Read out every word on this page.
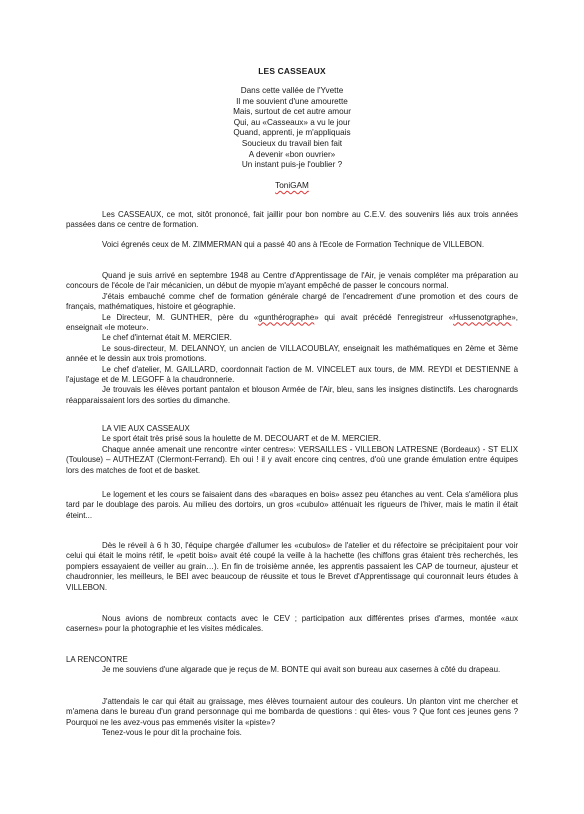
LES CASSEAUX
Dans cette vallée de l'Yvette
Il me souvient d'une amourette
Mais, surtout de cet autre amour
Qui, au «Casseaux» a vu le jour
Quand, apprenti, je m'appliquais
Soucieux du travail bien fait
A devenir «bon ouvrier»
Un instant puis-je l'oublier ?
ToniGAM

Les CASSEAUX, ce mot, sitôt prononcé, fait jaillir pour bon nombre au C.E.V. des souvenirs liés aux trois années passées dans ce centre de formation.

Voici égrenés ceux de M. ZIMMERMAN qui a passé 40 ans à l'Ecole de Formation Technique de VILLEBON.

Quand je suis arrivé en septembre 1948 au Centre d'Apprentissage de l'Air, je venais compléter ma préparation au concours de l'école de l'air mécanicien, un début de myopie m'ayant empêché de passer le concours normal.

J'étais embauché comme chef de formation générale chargé de l'encadrement d'une promotion et des cours de français, mathématiques, histoire et géographie.

Le Directeur, M. GUNTHER, père du «gunthérographe» qui avait précédé l'enregistreur «Hussenotgraphe», enseignait «le moteur».

Le chef d'internat était M. MERCIER.

Le sous-directeur, M. DELANNOY, un ancien de VILLACOUBLAY, enseignait les mathématiques en 2ème et 3ème année et le dessin aux trois promotions.

Le chef d'atelier, M. GAILLARD, coordonnait l'action de M. VINCELET aux tours, de MM. REYDI et DESTIENNE à l'ajustage et de M. LEGOFF à la chaudronnerie.

Je trouvais les élèves portant pantalon et blouson Armée de l'Air, bleu, sans les insignes distinctifs. Les charognards réapparaissaient lors des sorties du dimanche.

LA VIE AUX CASSEAUX

Le sport était très prisé sous la houlette de M. DECOUART et de M. MERCIER.

Chaque année amenait une rencontre «inter centres»: VERSAILLES - VILLEBON LATRESNE (Bordeaux) - ST ELIX (Toulouse) – AUTHEZAT (Clermont-Ferrand). Eh oui ! il y avait encore cinq centres, d'où une grande émulation entre équipes lors des matches de foot et de basket.

Le logement et les cours se faisaient dans des «baraques en bois» assez peu étanches au vent. Cela s'améliora plus tard par le doublage des parois. Au milieu des dortoirs, un gros «cubulo» atténuait les rigueurs de l'hiver, mais le matin il était éteint...

Dès le réveil à 6 h 30, l'équipe chargée d'allumer les «cubulos» de l'atelier et du réfectoire se précipitaient pour voir celui qui était le moins rétif, le «petit bois» avait été coupé la veille à la hachette (les chiffons gras étaient très recherchés, les pompiers essayaient de veiller au grain…). En fin de troisième année, les apprentis passaient les CAP de tourneur, ajusteur et chaudronnier, les meilleurs, le BEI avec beaucoup de réussite et tous le Brevet d'Apprentissage qui couronnait leurs études à VILLEBON.

Nous avions de nombreux contacts avec le CEV ; participation aux différentes prises d'armes, montée «aux casernes» pour la photographie et les visites médicales.

LA RENCONTRE

Je me souviens d'une algarade que je reçus de M. BONTE qui avait son bureau aux casernes à côté du drapeau.

J'attendais le car qui était au graissage, mes élèves tournaient autour des couleurs. Un planton vint me chercher et m'amena dans le bureau d'un grand personnage qui me bombarda de questions : qui êtes- vous ? Que font ces jeunes gens ? Pourquoi ne les avez-vous pas emmenés visiter la «piste»?

Tenez-vous le pour dit la prochaine fois.
